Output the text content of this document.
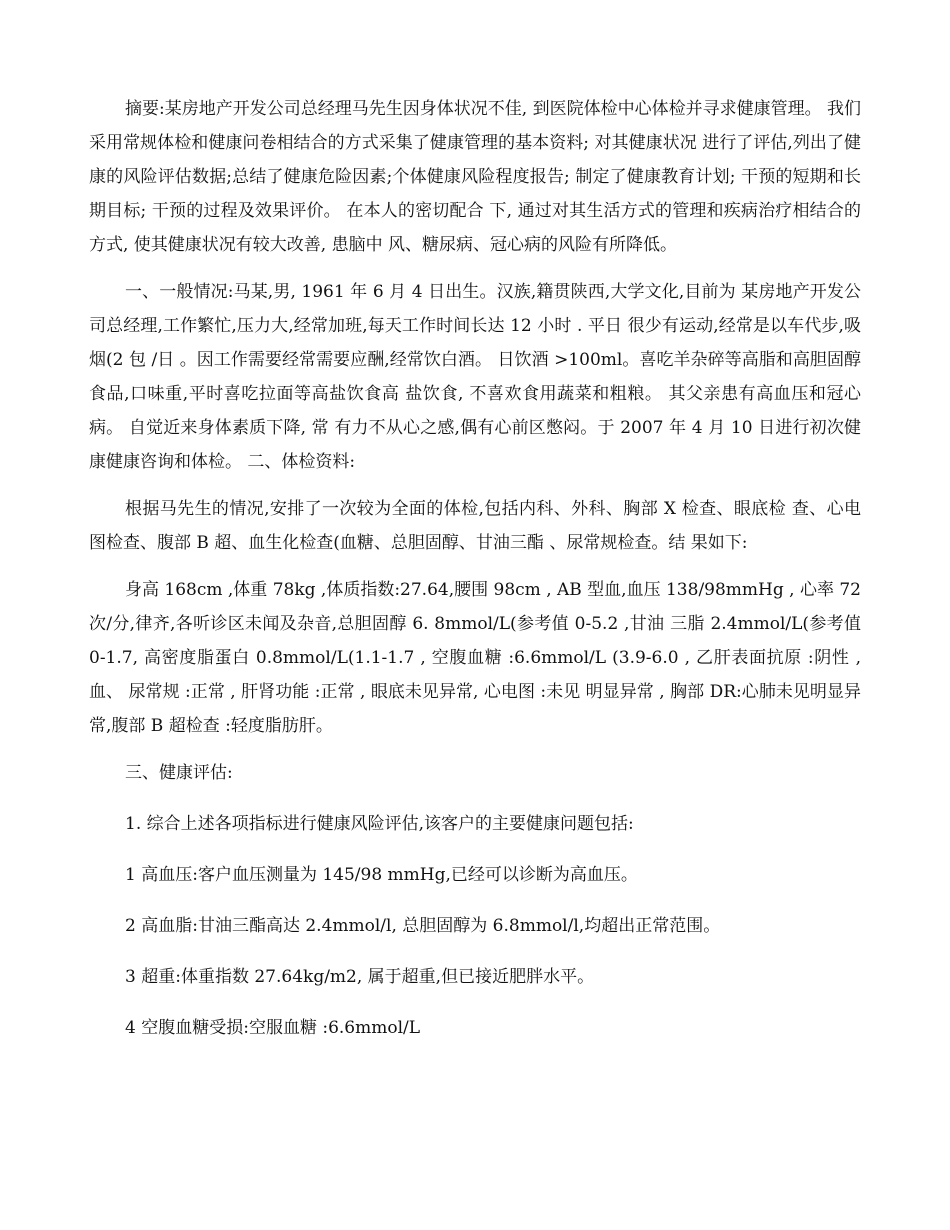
摘要:某房地产开发公司总经理马先生因身体状况不佳, 到医院体检中心体检并寻求健康管理。 我们采用常规体检和健康问卷相结合的方式采集了健康管理的基本资料; 对其健康状况 进行了评估,列出了健康的风险评估数据;总结了健康危险因素;个体健康风险程度报告; 制定了健康教育计划; 干预的短期和长期目标; 干预的过程及效果评价。 在本人的密切配合 下, 通过对其生活方式的管理和疾病治疗相结合的方式, 使其健康状况有较大改善, 患脑中 风、糖尿病、冠心病的风险有所降低。

一、一般情况:马某,男, 1961 年 6 月 4 日出生。汉族,籍贯陕西,大学文化,目前为 某房地产开发公司总经理,工作繁忙,压力大,经常加班,每天工作时间长达 12 小时 . 平日 很少有运动,经常是以车代步,吸烟(2 包 /日 。因工作需要经常需要应酬,经常饮白酒。 日饮酒 >100ml。喜吃羊杂碎等高脂和高胆固醇食品,口味重,平时喜吃拉面等高盐饮食高 盐饮食, 不喜欢食用蔬菜和粗粮。 其父亲患有高血压和冠心病。 自觉近来身体素质下降, 常 有力不从心之感,偶有心前区憋闷。于 2007 年 4 月 10 日进行初次健康健康咨询和体检。 二、体检资料:

根据马先生的情况,安排了一次较为全面的体检,包括内科、外科、胸部 X 检查、眼底检 查、心电图检查、腹部 B 超、血生化检查(血糖、总胆固醇、甘油三酯 、尿常规检查。结 果如下:

身高 168cm ,体重 78kg ,体质指数:27.64,腰围 98cm , AB 型血,血压 138/98mmHg , 心率 72 次/分,律齐,各听诊区未闻及杂音,总胆固醇 6. 8mmol/L(参考值 0-5.2 ,甘油 三脂 2.4mmol/L(参考值 0-1.7, 高密度脂蛋白 0.8mmol/L(1.1-1.7 , 空腹血糖 :6.6mmol/L (3.9-6.0 , 乙肝表面抗原 :阴性 , 血、 尿常规 :正常 , 肝肾功能 :正常 , 眼底未见异常, 心电图 :未见 明显异常 , 胸部 DR:心肺未见明显异常,腹部 B 超检查 :轻度脂肪肝。

三、健康评估:

1. 综合上述各项指标进行健康风险评估,该客户的主要健康问题包括:

1 高血压:客户血压测量为 145/98 mmHg,已经可以诊断为高血压。

2 高血脂:甘油三酯高达 2.4mmol/l, 总胆固醇为 6.8mmol/l,均超出正常范围。

3 超重:体重指数 27.64kg/m2, 属于超重,但已接近肥胖水平。

4 空腹血糖受损:空服血糖 :6.6mmol/L
